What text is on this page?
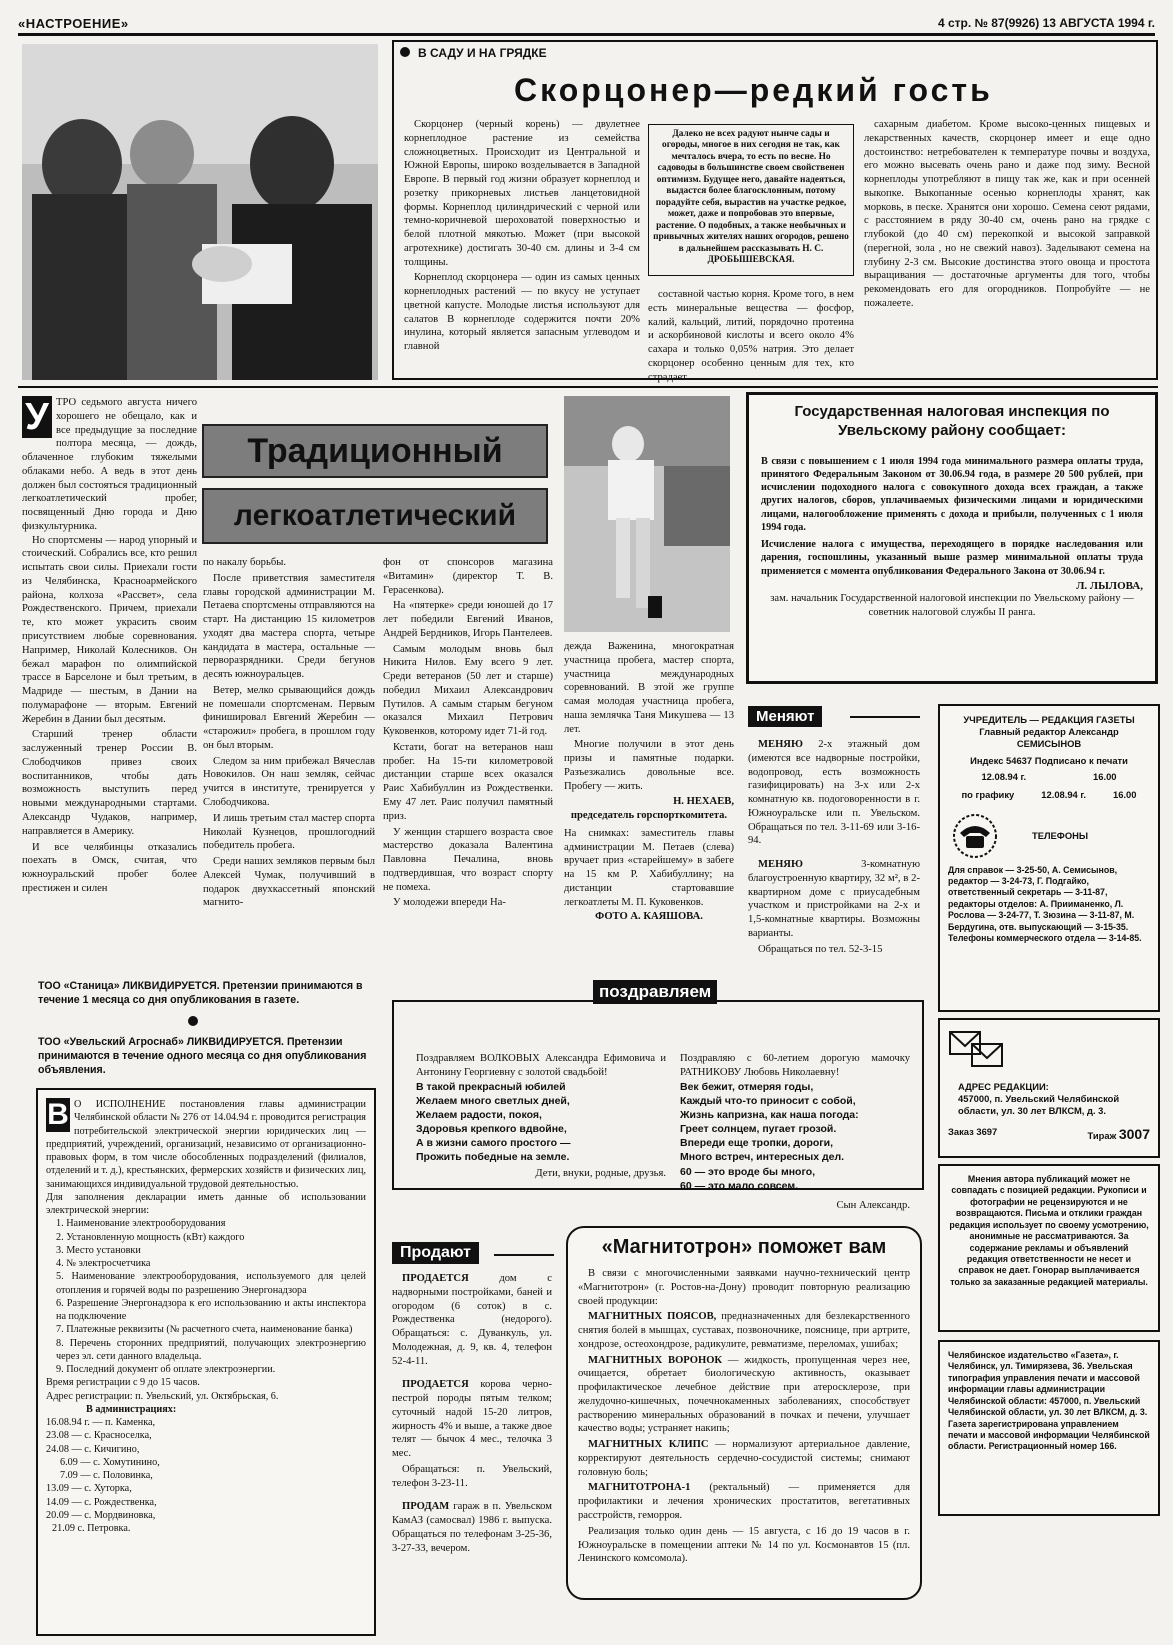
«НАСТРОЕНИЕ»	4 стр. № 87(9926) 13 АВГУСТА 1994 г.
В САДУ И НА ГРЯДКЕ
Скорцонер—редкий гость

Скорцонер (черный корень) — двулетнее корнеплодное растение из семейства сложноцветных. Происходит из Центральной и Южной Европы, широко возделывается в Западной Европе. В первый год жизни образует корнеплод и розетку прикорневых листьев ланцетовидной формы. Корнеплод цилиндрический с черной или темно-коричневой шероховатой поверхностью и белой плотной мякотью. Может (при высокой агротехнике) достигать 30-40 см. длины и 3-4 см толщины.

Корнеплод скорцонера — один из самых ценных корнеплодных растений — по вкусу не уступает цветной капусте. Молодые листья используют для салатов В корнеплоде содержится почти 20% инулина, который является запасным углеводом и главной

Далеко не всех радуют нынче сады и огороды, многое в них сегодня не так, как мечталось вчера, то есть по весне. Но садоводы в большинстве своем свойственен оптимизм. Будущее него, давайте надеяться, выдастся более благосклонным, потому порадуйте себя, вырастив на участке редкое, может, даже и попробовав это впервые, растение. О подобных, а также необычных и привычных жителях наших огородов, решено в дальнейшем рассказывать Н. С. ДРОБЫШЕВСКАЯ.

составной частью корня. Кроме того, в нем есть минеральные вещества — фосфор, калий, кальций, литий, порядочно протеина и аскорбиновой кислоты и всего около 4% сахара и только 0,05% натрия. Это делает скорцонер особенно ценным для тех, кто страдает

сахарным диабетом. Кроме высоко-ценных пищевых и лекарственных качеств, скорцонер имеет и еще одно достоинство: нетребователен к температуре почвы и воздуха, его можно высевать очень рано и даже под зиму. Весной корнеплоды употребляют в пищу так же, как и при осенней выкопке. Выкопанные осенью корнеплоды хранят, как морковь, в песке. Хранятся они хорошо. Семена сеют рядами, с расстоянием в ряду 30-40 см, очень рано на грядке с глубокой (до 40 см) перекопкой и высокой заправкой (перегной, зола , но не свежий навоз). Заделывают семена на глубину 2-3 см. Высокие достинства этого овоща и простота выращивания — достаточные аргументы для того, чтобы рекомендовать его для огородников. Попробуйте — не пожалеете.

У ТРО седьмого августа ничего хорошего не обещало, как и все предыдущие за последние полтора месяца, — дождь, облаченное глубоким тяжелыми облаками небо. А ведь в этот день должен был состояться традиционный легкоатлетический пробег, посвященный Дню города и Дню физкультурника.

Но спортсмены — народ упорный и стоический. Собрались все, кто решил испытать свои силы. Приехали гости из Челябинска, Красноармейского района, колхоза «Рассвет», села Рождественского. Причем, приехали те, кто может украсить своим присутствием любые соревнования. Например, Николай Колесников. Он бежал марафон по олимпийской трассе в Барселоне и был третьим, в Мадриде — шестым, в Дании на полумарафоне — вторым. Евгений Жеребин в Дании был десятым.

Старший тренер области заслуженный тренер России В. Слободчиков привез своих воспитанников, чтобы дать возможность выступить перед новыми международными стартами. Александр Чудаков, например, направляется в Америку.

И все челябинцы отказались поехать в Омск, считая, что южноуральский пробег более престижен и силен

Традиционный
легкоатлетический

по накалу борьбы.

После приветствия заместителя главы городской администрации М. Петаева спортсмены отправляются на старт. На дистанцию 15 километров уходят два мастера спорта, четыре кандидата в мастера, остальные — перворазрядники. Среди бегунов десять южноуральцев.

Ветер, мелко срывающийся дождь не помешали спортсменам. Первым финишировал Евгений Жеребин — «старожил» пробега, в прошлом году он был вторым.

Следом за ним прибежал Вячеслав Новокилов. Он наш земляк, сейчас учится в институте, тренируется у Слободчикова.

И лишь третьим стал мастер спорта Николай Кузнецов, прошлогодний победитель пробега.

Среди наших земляков первым был Алексей Чумак, получивший в подарок двухкассетный японский магнито-

фон от спонсоров магазина «Витамин» (директор Т. В. Герасенкова).

На «пятерке» среди юношей до 17 лет победили Евгений Иванов, Андрей Бердников, Игорь Пантелеев.

Самым молодым вновь был Никита Нилов. Ему всего 9 лет. Среди ветеранов (50 лет и старше) победил Михаил Александрович Путилов. А самым старым бегуном оказался Михаил Петрович Куковенков, которому идет 71-й год.

Кстати, богат на ветеранов наш пробег. На 15-ти километровой дистанции старше всех оказался Раис Хабибуллин из Рождественки. Ему 47 лет. Раис получил памятный приз.

У женщин старшего возраста свое мастерство доказала Валентина Павловна Печалина, вновь подтвердившая, что возраст спорту не помеха.

У молодежи впереди На-

дежда Важенина, многократная участница пробега, мастер спорта, участница международных соревнований. В этой же группе самая молодая участница пробега, наша землячка Таня Микушева — 13 лет.

Многие получили в этот день призы и памятные подарки. Разъезжались довольные все. Пробегу — жить.

Н. НЕХАЕВ,
председатель горспорткомитета.
На снимках: заместитель главы администрации М. Петаев (слева) вручает приз «старейшему» в забеге на 15 км Р. Хабибуллину; на дистанции стартовавшие легкоатлеты М. П. Куковенков.
ФОТО А. КАЯШОВА.
Государственная налоговая инспекция по Увельскому району сообщает:
В связи с повышением с 1 июля 1994 года минимального размера оплаты труда, принятого Федеральным Законом от 30.06.94 года, в размере 20 500 рублей, при исчислении подоходного налога с совокупного дохода всех граждан, а также других налогов, сборов, уплачиваемых физическими лицами и юридическими лицами, налогообложение применять с дохода и прибыли, полученных с 1 июля 1994 года.
Исчисление налога с имущества, переходящего в порядке наследования или дарения, госпошлины, указанный выше размер минимальной оплаты труда применяется с момента опубликования Федерального Закона от 30.06.94 г.
Л. ЛЫЛОВА,
зам. начальник Государственной налоговой инспекции по Увельскому району — советник налоговой службы II ранга.
Меняют

МЕНЯЮ 2-х этажный дом (имеются все надворные постройки, водопровод, есть возможность газифицировать) на 3-х или 2-х комнатную кв. подоговоренности в г. Южноуральске или п. Увельском. Обращаться по тел. 3-11-69 или 3-16-94.

МЕНЯЮ	3-комнатную благоустроенную квартиру, 32 м², в 2-квартирном доме с приусадебным участком и пристройками на 2-х и 1,5-комнатные квартиры. Возможны варианты.

Обращаться по тел. 52-3-15

УЧРЕДИТЕЛЬ — РЕДАКЦИЯ ГАЗЕТЫ Главный редактор Александр СЕМИСЫНОВ
Индекс 54637 Подписано к печати
12.08.94 г.	16.00
по графику	12.08.94 г.	16.00
ТЕЛЕФОНЫ
Для справок — 3-25-50, А. Семисынов, редактор — 3-24-73, Г. Подгайко, ответственный секретарь — 3-11-87, редакторы отделов: А. Прииманенко, Л. Рослова — 3-24-77, Т. Зюзина — 3-11-87, М. Бердугина, отв. выпускающий — 3-15-35. Телефоны коммерческого отдела — 3-14-85.
АДРЕС РЕДАКЦИИ:
457000, п. Увельский Челябинской области, ул. 30 лет ВЛКСМ, д. 3.
Заказ 3697	Тираж 3007
Мнения автора публикаций может не совпадать с позицией редакции. Рукописи и фотографии не рецензируются и не возвращаются. Письма и отклики граждан редакция использует по своему усмотрению, анонимные не рассматриваются. За содержание рекламы и объявлений редакция ответственности не несет и справок не дает. Гонорар выплачивается только за заказанные редакцией материалы.
Челябинское издательство «Газета», г. Челябинск, ул. Тимирязева, 36. Увельская типография управления печати и массовой информации главы администрации Челябинской области: 457000, п. Увельский Челябинской области, ул. 30 лет ВЛКСМ, д. 3. Газета зарегистрирована управлением печати и массовой информации Челябинской области. Регистрационный номер 166.
ТОО «Станица» ЛИКВИДИРУЕТСЯ. Претензии принимаются в течение 1 месяца со дня опубликования в газете.
ТОО «Увельский Агроснаб» ЛИКВИДИРУЕТСЯ. Претензии принимаются в течение одного месяца со дня опубликования объявления.
поздравляем
Поздравляем ВОЛКОВЫХ Александра Ефимовича и Антонину Георгиевну с золотой свадьбой!
В такой прекрасный юбилей
Желаем много светлых дней,
Желаем радости, покоя,
Здоровья крепкого вдвойне,
А в жизни самого простого —
Прожить победные на земле.
Дети, внуки, родные, друзья.
Поздравляю с 60-летием дорогую мамочку РАТНИКОВУ Любовь Николаевну!
Век бежит, отмеряя годы,
Каждый что-то приносит с собой,
Жизнь капризна, как наша погода:
Греет солнцем, пугает грозой.
Впереди еще тропки, дороги,
Много встреч, интересных дел.
60 — это вроде бы много,
60 — это мало совсем.
Сын Александр.
В О ИСПОЛНЕНИЕ постановления главы администрации Челябинской области № 276 от 14.04.94 г. проводится регистрация потребительской электрической энергии юридических лиц — предприятий, учреждений, организаций, независимо от организационно-правовых форм, в том числе обособленных подразделений (филиалов, отделений и т. д.), крестьянских, фермерских хозяйств и физических лиц, занимающихся индивидуальной трудовой деятельностью.
Для заполнения декларации иметь данные об использовании электрической энергии:
1. Наименование электрооборудования
2. Установленную мощность (кВт) каждого
3. Место установки
4. № электросчетчика
5. Наименование электрооборудования, используемого для целей отопления и горячей воды по разрешению Энергонадзора
6. Разрешение Энергонадзора к его использованию и акты инспектора на подключение
7. Платежные реквизиты (№ расчетного счета, наименование банка)
8. Перечень сторонних предприятий, получающих электроэнергию через эл. сети данного владельца.
9. Последний документ об оплате электроэнергии.
Время регистрации с 9 до 15 часов.
Адрес регистрации: п. Увельский, ул. Октябрьская, 6.
В администрациях:
16.08.94 г. — п. Каменка,
23.08 — с. Красноселка,
24.08 — с. Кичигино,
6.09 — с. Хомутинино,
7.09 — с. Половинка,
13.09 — с. Хуторка,
14.09 — с. Рождественка,
20.09 — с. Мордвиновка,
21.09 с. Петровка.
Продают

ПРОДАЕТСЯ	дом с надворными постройками, баней и огородом (6 соток) в с. Рождественка (недорого). Обращаться: с. Дуванкуль, ул. Молодежная, д. 9, кв. 4, телефон 52-4-11.

ПРОДАЕТСЯ корова черно-пестрой породы пятым телком; суточный надой 15-20 литров, жирность 4% и выше, а также двое телят — бычок 4 мес., телочка 3 мес.

Обращаться: п. Увельский, телефон 3-23-11.

ПРОДАМ гараж в п. Увельском КамАЗ (самосвал) 1986 г. выпуска. Обращаться по телефонам 3-25-36, 3-27-33, вечером.

«Магнитотрон» поможет вам

В связи с многочисленными заявками научно-технический центр «Магнитотрон» (г. Ростов-на-Дону) проводит повторную реализацию своей продукции:

МАГНИТНЫХ ПОЯСОВ, предназначенных для безлекарственного снятия болей в мышцах, суставах, позвоночнике, пояснице, при артрите, хондрозе, остеохондрозе, радикулите, ревматизме, переломах, ушибах;

МАГНИТНЫХ ВОРОНОК — жидкость, пропущенная через нее, очищается, обретает биологическую активность, оказывает профилактическое лечебное действие при атеросклерозе, при желудочно-кишечных, почечнокаменных заболеваниях, способствует растворению минеральных образований в почках и печени, улучшает качество воды; устраняет накипь;

МАГНИТНЫХ КЛИПС — нормализуют артериальное давление, корректируют деятельность сердечно-сосудистой системы; снимают головную боль;

МАГНИТОТРОНА-1 (ректальный) — применяется для профилактики и лечения хронических простатитов, вегетативных расстройств, геморроя.

Реализация только один день — 15 августа, с 16 до 19 часов в г. Южноуральске в помещении аптеки № 14 по ул. Космонавтов 15 (пл. Ленинского комсомола).
